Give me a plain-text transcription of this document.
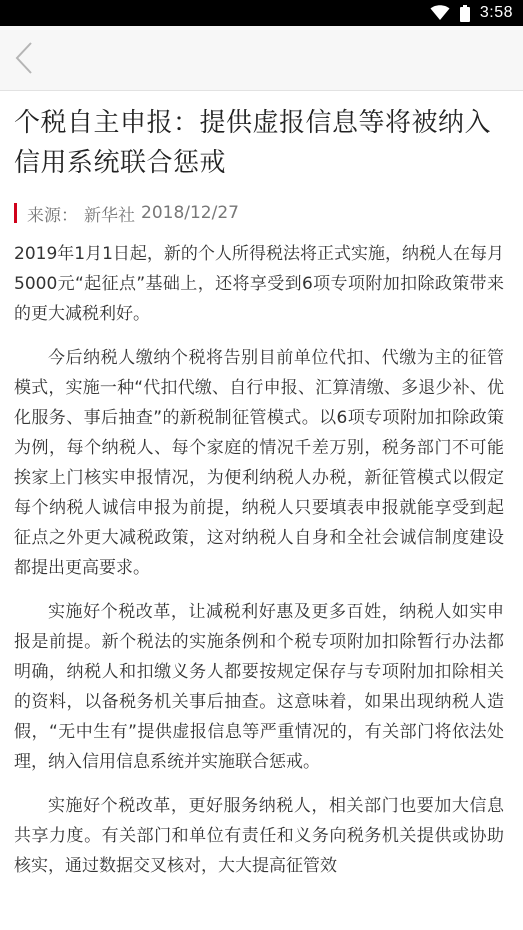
3:58
个税自主申报：提供虚报信息等将被纳入信用系统联合惩戒
来源： 新华社 2018/12/27

2019年1月1日起，新的个人所得税法将正式实施，纳税人在每月5000元“起征点”基础上，还将享受到6项专项附加扣除政策带来的更大减税利好。

今后纳税人缴纳个税将告别目前单位代扣、代缴为主的征管模式，实施一种“代扣代缴、自行申报、汇算清缴、多退少补、优化服务、事后抽查”的新税制征管模式。以6项专项附加扣除政策为例，每个纳税人、每个家庭的情况千差万别，税务部门不可能挨家上门核实申报情况，为便利纳税人办税，新征管模式以假定每个纳税人诚信申报为前提，纳税人只要填表申报就能享受到起征点之外更大减税政策，这对纳税人自身和全社会诚信制度建设都提出更高要求。

实施好个税改革，让减税利好惠及更多百姓，纳税人如实申报是前提。新个税法的实施条例和个税专项附加扣除暂行办法都明确，纳税人和扣缴义务人都要按规定保存与专项附加扣除相关的资料，以备税务机关事后抽查。这意味着，如果出现纳税人造假，“无中生有”提供虚报信息等严重情况的，有关部门将依法处理，纳入信用信息系统并实施联合惩戒。

实施好个税改革，更好服务纳税人，相关部门也要加大信息共享力度。有关部门和单位有责任和义务向税务机关提供或协助核实，通过数据交叉核对，大大提高征管效
